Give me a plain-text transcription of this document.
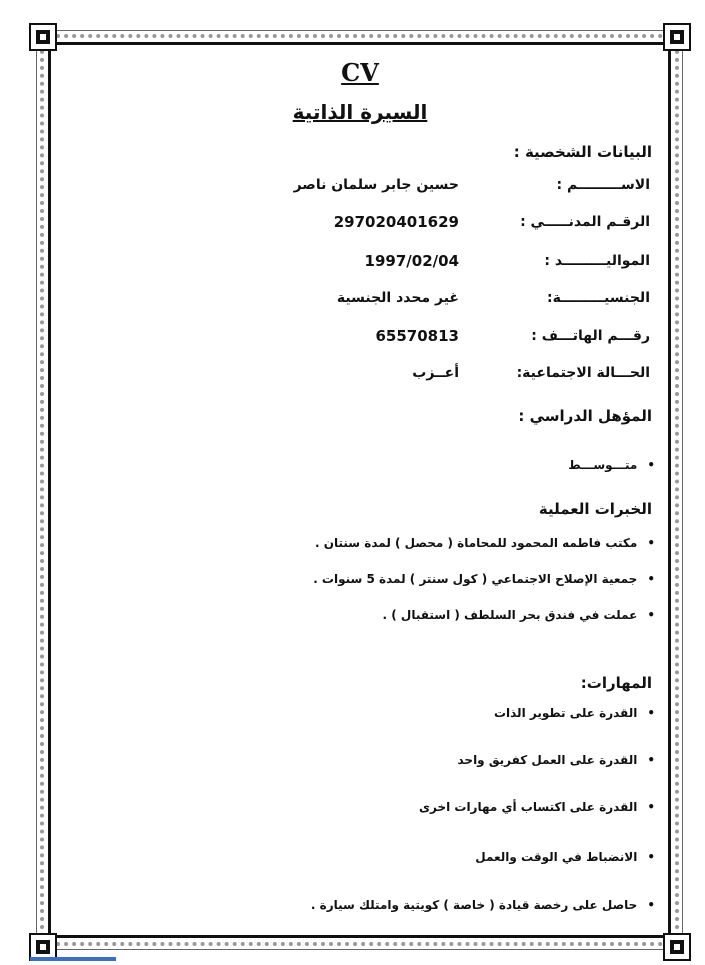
CV
السيرة الذاتية
البيانات الشخصية :
الاســـــــــم :
حسين جابر سلمان ناصر
الرقـم المدنـــــي :
297020401629
المواليـــــــــد :
1997/02/04
الجنسيـــــــــة:
غير محدد الجنسية
رقـــم الهاتـــف :
65570813
الحـــالة الاجتماعية:
أعــزب
المؤهل الدراسي :
•متـــوســـط
الخبرات العملية
•مكتب فاطمه المحمود للمحاماة ( محصل ) لمدة سنتان .
•جمعية الإصلاح الاجتماعي ( كول سنتر ) لمدة 5 سنوات .
•عملت في فندق بحر السلطف ( استقبال ) .
المهارات:
•القدرة على تطوير الذات
•القدرة على العمل كفريق واحد
•القدرة على اكتساب أي مهارات اخرى
•الانضباط في الوقت والعمل
•حاصل على رخصة قيادة ( خاصة ) كويتية وامتلك سيارة .
